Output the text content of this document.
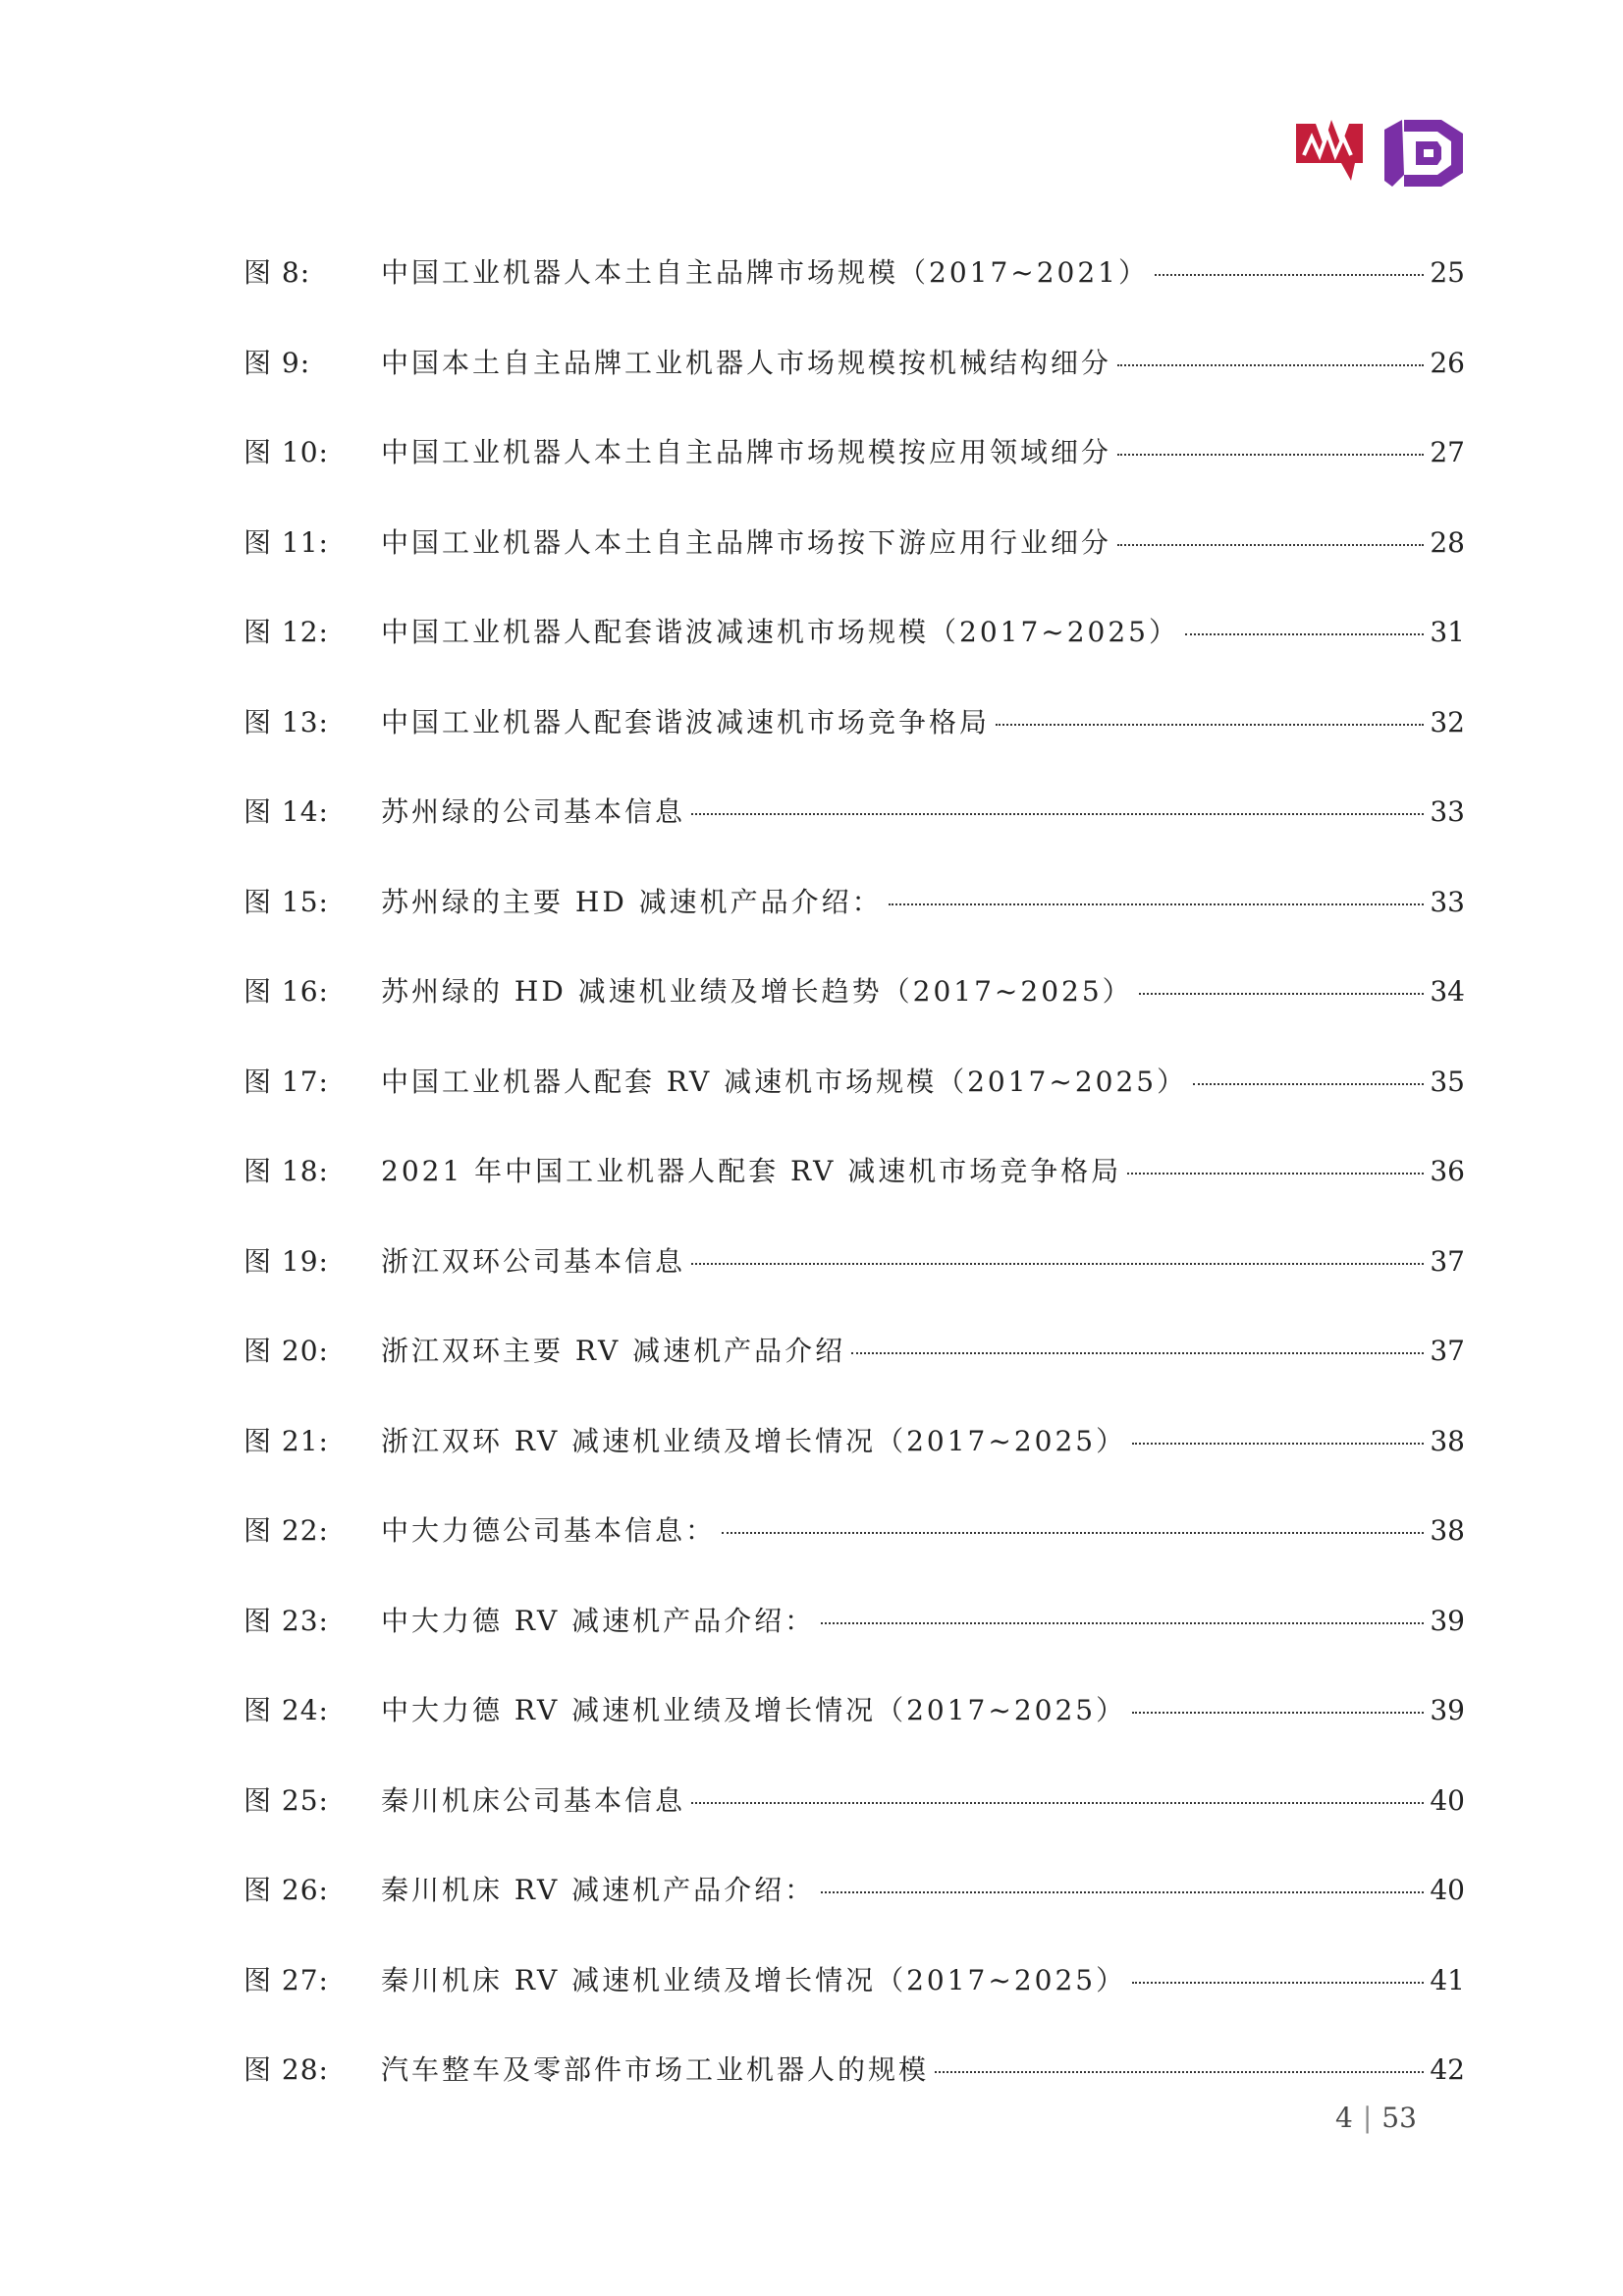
图 8:	中国工业机器人本土自主品牌市场规模（2017~2021）	25
图 9:	中国本土自主品牌工业机器人市场规模按机械结构细分	26
图 10:	中国工业机器人本土自主品牌市场规模按应用领域细分	27
图 11:	中国工业机器人本土自主品牌市场按下游应用行业细分	28
图 12:	中国工业机器人配套谐波减速机市场规模（2017~2025）	31
图 13:	中国工业机器人配套谐波减速机市场竞争格局	32
图 14:	苏州绿的公司基本信息	33
图 15:	苏州绿的主要 HD 减速机产品介绍：	33
图 16:	苏州绿的 HD 减速机业绩及增长趋势（2017~2025）	34
图 17:	中国工业机器人配套 RV 减速机市场规模（2017~2025）	35
图 18:	2021 年中国工业机器人配套 RV 减速机市场竞争格局	36
图 19:	浙江双环公司基本信息	37
图 20:	浙江双环主要 RV 减速机产品介绍	37
图 21:	浙江双环 RV 减速机业绩及增长情况（2017~2025）	38
图 22:	中大力德公司基本信息：	38
图 23:	中大力德 RV 减速机产品介绍：	39
图 24:	中大力德 RV 减速机业绩及增长情况（2017~2025）	39
图 25:	秦川机床公司基本信息	40
图 26:	秦川机床 RV 减速机产品介绍：	40
图 27:	秦川机床 RV 减速机业绩及增长情况（2017~2025）	41
图 28:	汽车整车及零部件市场工业机器人的规模	42
4 | 53
